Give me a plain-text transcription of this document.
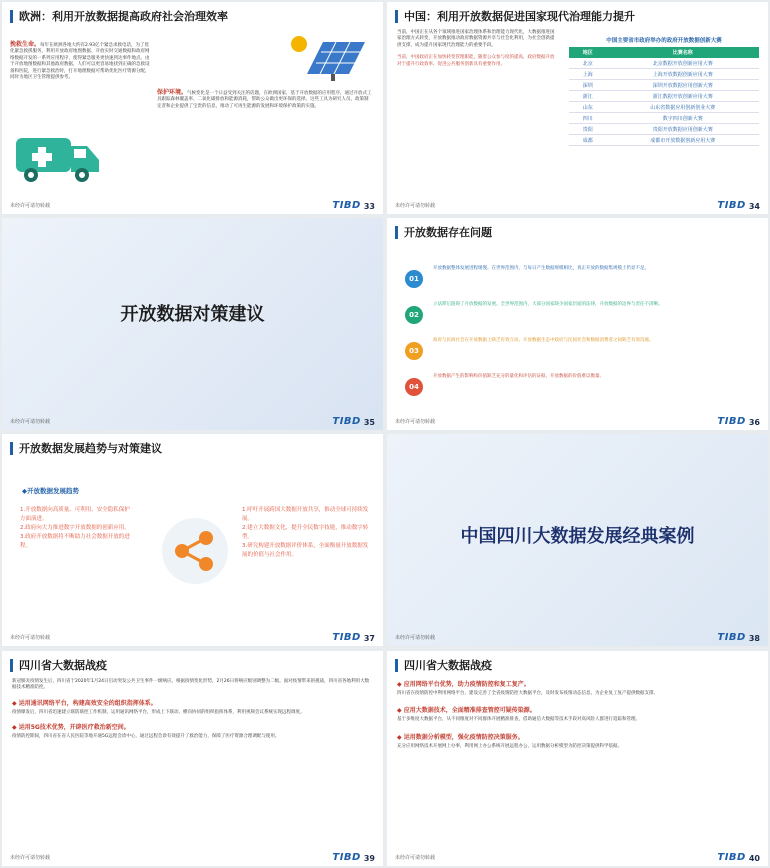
欧洲：利用开放数据提高政府社会治理效率
挽救生命。每年在欧洲各地大约有2.93亿个紧急求救电话，为了优化紧急救援服务，利用开放政府地图数据、开放实时交通数据和政府网络数据开发的一系列应用程序，使得紧急服务更快速到达事件地点。由于开放地图数据和其他政府数据，人们可以更容易地找到正确的急救设备和医院，进行紧急救治时，打开地理数据可帮助优化医疗资源分配，同时为地区卫生管理提供参考。
保护环境。气候变化是一个日益受到关注的话题，在欧洲国家，基于开放数据的应用程序，通过开放式工具跟踪森林覆盖率、二氧化碳排放和能源消耗，帮助公众做出更环保的选择。这些工具为研究人员、政策制定者和企业提供了宝贵的信息，推动了可再生能源的发展和环境保护政策的实施。
未经许可请勿转载	TIBD 33
中国：利用开放数据促进国家现代治理能力提升
当前，中国正在从各个领域推进国家治理体系和治理能力现代化，大数据推进国家治理方式转变，开放数据推动政府数据资源共享与社会化利用，为社会创新提供支撑，成为提升国家现代治理能力的重要手段。
当前，中国政府正在加快转变管理职能，随着公众参与度的提高，政府数据开放对于提升行政效率、促进公共服务创新具有重要作用。
中国主要省市政府举办的政府开放数据创新大赛
地区	比赛名称
北京	北京数据开放创新应用大赛
上海	上海开放数据创新应用大赛
深圳	深圳开放数据应用创新大赛
浙江	浙江数据开放创新应用大赛
山东	山东省数据应用创新创业大赛
四川	数字四川创新大赛
贵阳	贵阳开放数据应用创新大赛
成都	成都市开放数据创新应用大赛
未经许可请勿转载	TIBD 34
开放数据对策建议
未经许可请勿转载	TIBD 35
开放数据存在问题
01
开放数据整体发展进程缓慢。在世界范围内，与每日产生数据规模相比，真正开放的数据集规模上仍显不足。
02
立法滞后阻碍了开放数据的发展。全世界范围内，大部分国家缺少国家层面的法律，开放数据的边界与责任不清晰。
03
政府与民间社会在开放数据上缺乏有效互动。开放数据生态中政府与民间社会和数据消费者之间缺乏有效沟通。
04
开放数据产生的影响和价值缺乏充分的量化和评估的证据，开放数据的价值难以衡量。
未经许可请勿转载	TIBD 36
开放数据发展趋势与对策建议
◆开放数据发展趋势
1.开放数据向高质量、可利用、安全隐私保护方面演进。
2.政府向大力推进数字开放数据的创新应用。
3.政府开放数据将不断助力社会数据开放的进程。
1.呼吁开展跨国大数据开放共享，推动全球可持续发展。
2.建立大数据文化，提升全民数字技能，推动数字转型。
3.研究构建开放数据评价体系，全面衡量开放数据发展的价值与社会作用。
未经许可请勿转载	TIBD 37
中国四川大数据发展经典案例
未经许可请勿转载	TIBD 38
四川省大数据战疫
新冠肺炎疫情发生后，四川省于2020年1月24日启动突发公共卫生事件一级响应。根据疫情变化形势，2月26日将响应级别调整为二级。面对疫情带来的挑战，四川省各地利用大数据技术精准防控。
◆ 运用通讯网络平台，构建高效安全的组织指挥体系。
疫情爆发后，四川省迅速建立联防联控工作机制，运用通讯网络平台，形成上下联动、横向协同的组织指挥体系，利用视频会议系统实现远程调度。
◆ 运用5G技术优势，开辟医疗救治新空间。
疫情防控期间，四川省在省人民医院等地开通5G远程会诊中心，通过远程会诊有效提升了救治能力，保障了医疗资源合理调配与使用。
未经许可请勿转载	TIBD 39
四川省大数据战疫
◆ 应用网络平台优势，助力疫情防控和复工复产。
四川省在疫情防控中利用网络平台，建设完善了全省疫情防控大数据平台，及时发布疫情动态信息，为企业复工复产提供数据支撑。
◆ 应用大数据技术，全面精准排查管控可疑传染源。
基于多维度大数据平台，从不同维度对不同群体开展精准排查，借助通信大数据等技术手段对高风险人群进行追踪和管理。
◆ 运用数据分析模型，强化疫情防控决策服务。
充分应用网络技术开展网上办事，利用网上办公系统开展远程办公，运用数据分析模型为防控决策提供科学依据。
未经许可请勿转载	TIBD 40
